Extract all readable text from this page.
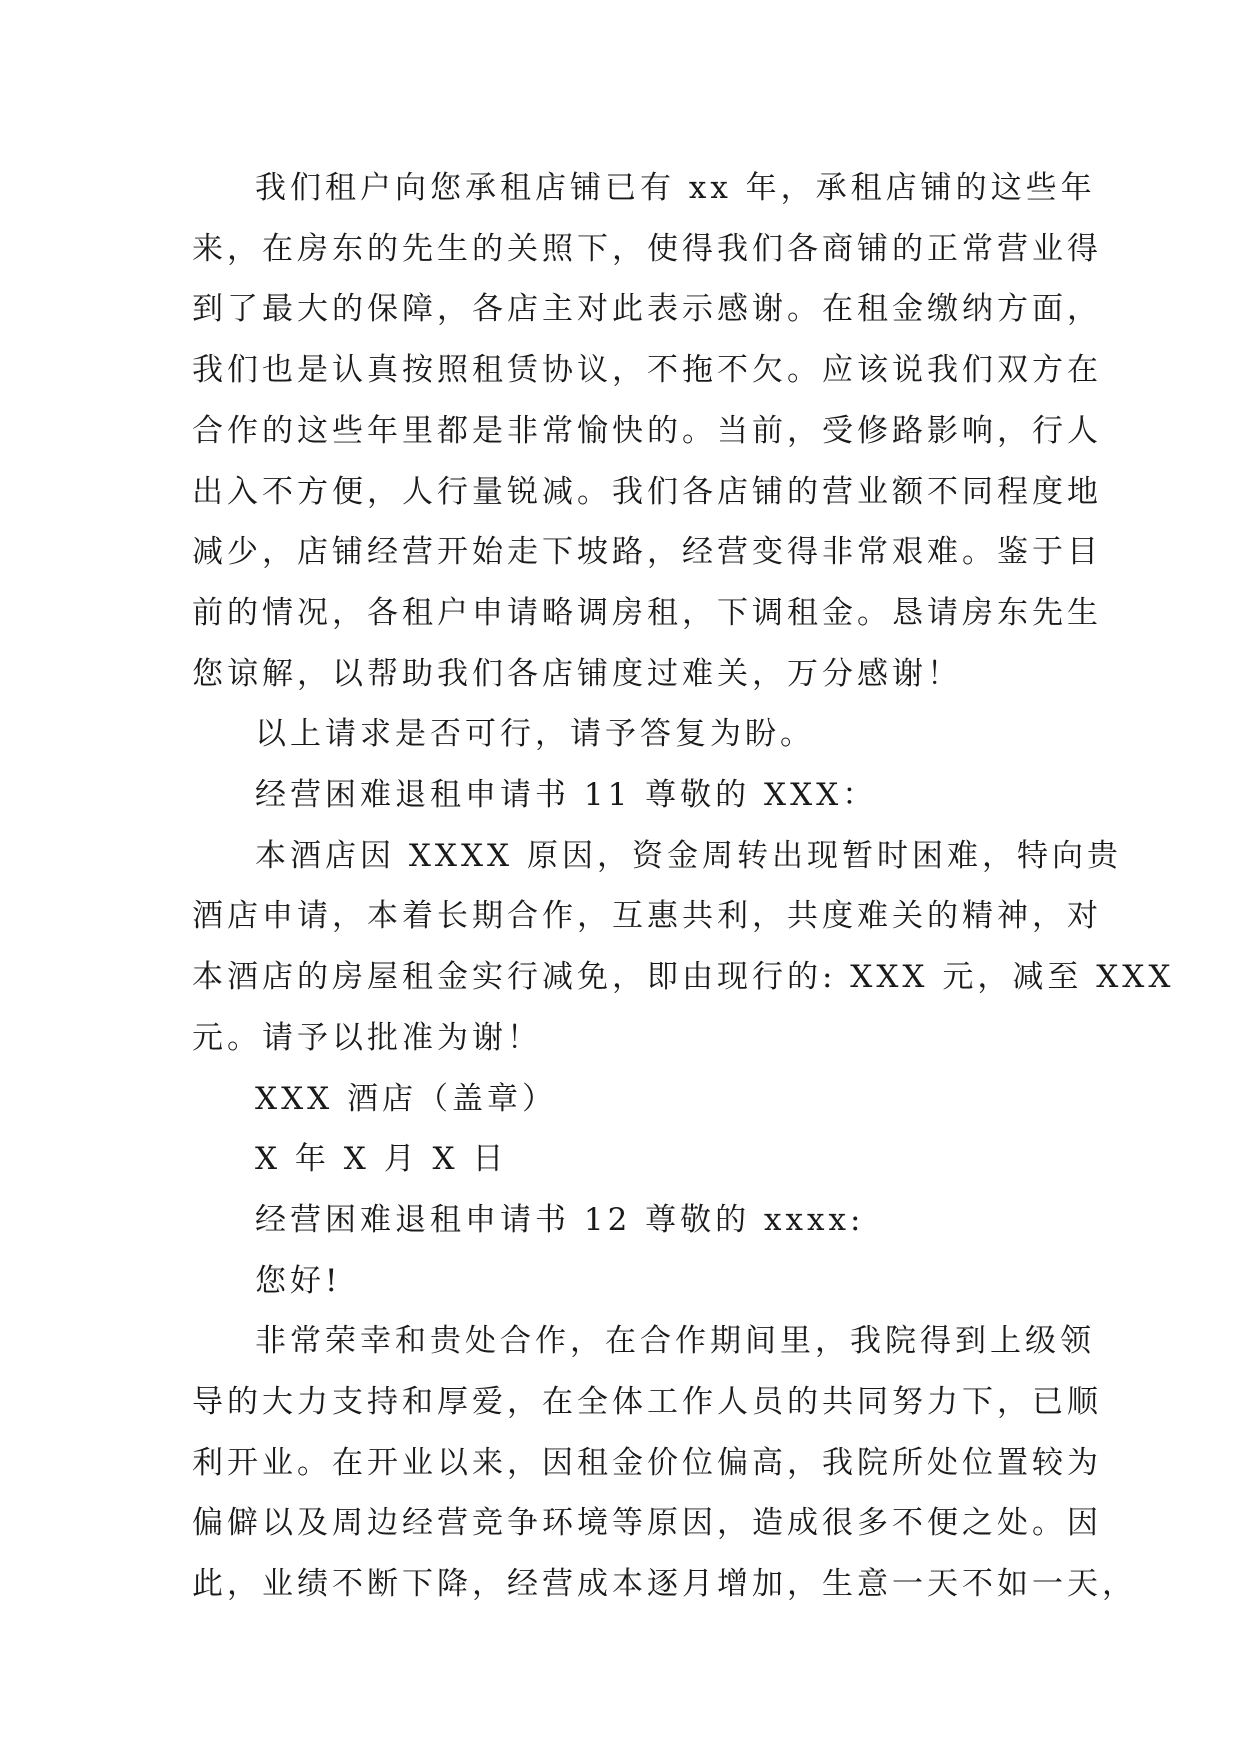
我们租户向您承租店铺已有 xx 年，承租店铺的这些年

来，在房东的先生的关照下，使得我们各商铺的正常营业得

到了最大的保障，各店主对此表示感谢。在租金缴纳方面，

我们也是认真按照租赁协议，不拖不欠。应该说我们双方在

合作的这些年里都是非常愉快的。当前，受修路影响，行人

出入不方便，人行量锐减。我们各店铺的营业额不同程度地

减少，店铺经营开始走下坡路，经营变得非常艰难。鉴于目

前的情况，各租户申请略调房租，下调租金。恳请房东先生

您谅解，以帮助我们各店铺度过难关，万分感谢！

以上请求是否可行，请予答复为盼。

经营困难退租申请书 11 尊敬的 XXX：

本酒店因 XXXX 原因，资金周转出现暂时困难，特向贵

酒店申请，本着长期合作，互惠共利，共度难关的精神，对

本酒店的房屋租金实行减免，即由现行的: XXX 元，减至 XXX

元。请予以批准为谢！

XXX 酒店（盖章）

X 年 X 月 X 日

经营困难退租申请书 12 尊敬的 xxxx:

您好!

非常荣幸和贵处合作，在合作期间里，我院得到上级领

导的大力支持和厚爱，在全体工作人员的共同努力下，已顺

利开业。在开业以来，因租金价位偏高，我院所处位置较为

偏僻以及周边经营竞争环境等原因，造成很多不便之处。因

此，业绩不断下降，经营成本逐月增加，生意一天不如一天，
